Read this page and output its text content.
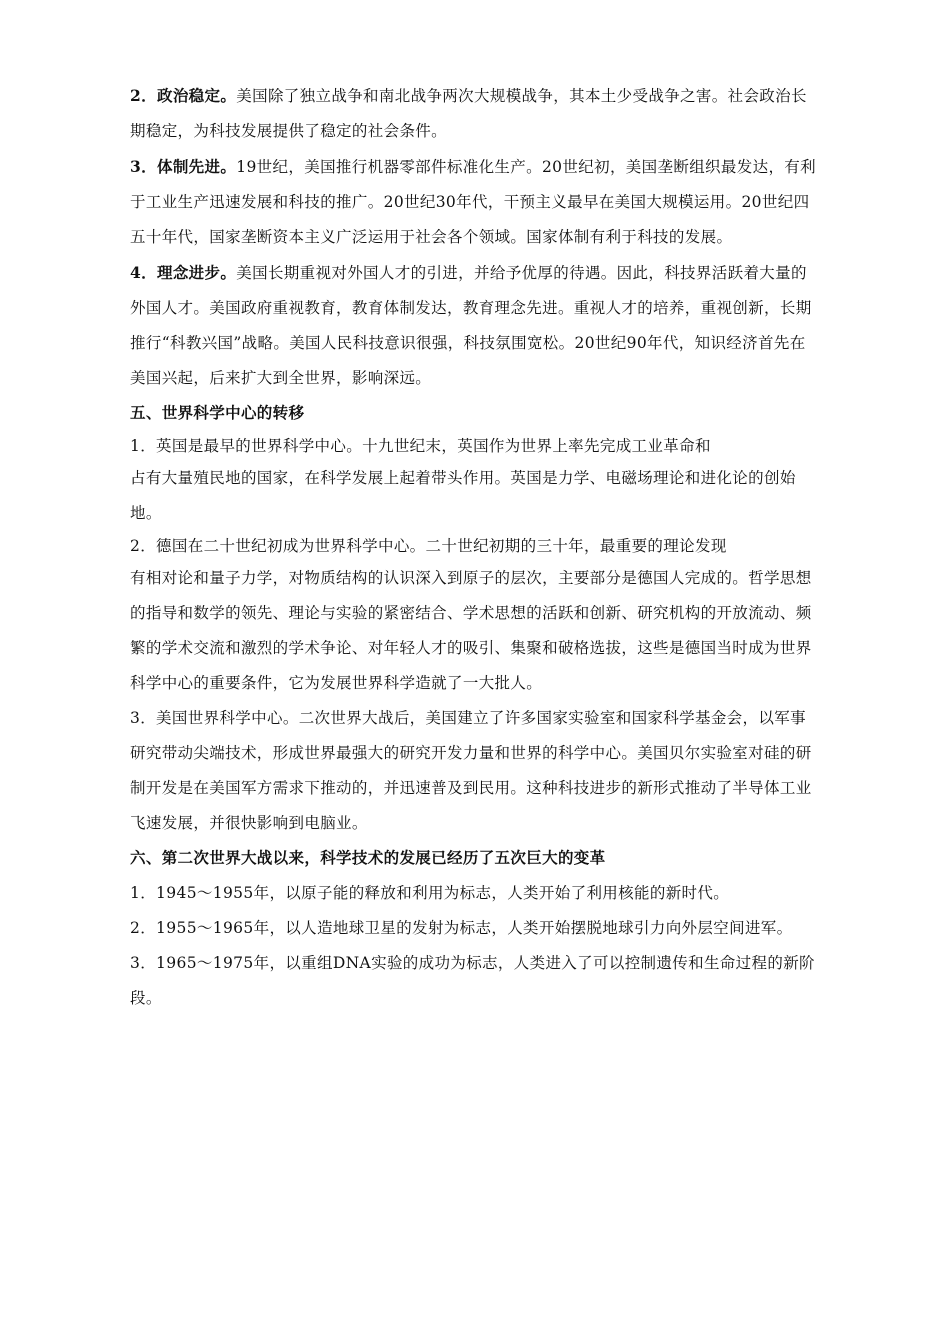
2．政治稳定。美国除了独立战争和南北战争两次大规模战争，其本土少受战争之害。社会政治长期稳定，为科技发展提供了稳定的社会条件。

3．体制先进。19世纪，美国推行机器零部件标准化生产。20世纪初，美国垄断组织最发达，有利于工业生产迅速发展和科技的推广。20世纪30年代，干预主义最早在美国大规模运用。20世纪四五十年代，国家垄断资本主义广泛运用于社会各个领域。国家体制有利于科技的发展。

4．理念进步。美国长期重视对外国人才的引进，并给予优厚的待遇。因此，科技界活跃着大量的外国人才。美国政府重视教育，教育体制发达，教育理念先进。重视人才的培养，重视创新，长期推行“科教兴国”战略。美国人民科技意识很强，科技氛围宽松。20世纪90年代，知识经济首先在美国兴起，后来扩大到全世界，影响深远。

五、世界科学中心的转移

1．英国是最早的世界科学中心。十九世纪末，英国作为世界上率先完成工业革命和
占有大量殖民地的国家，在科学发展上起着带头作用。英国是力学、电磁场理论和进化论的创始地。

2．德国在二十世纪初成为世界科学中心。二十世纪初期的三十年，最重要的理论发现
有相对论和量子力学，对物质结构的认识深入到原子的层次，主要部分是德国人完成的。哲学思想的指导和数学的领先、理论与实验的紧密结合、学术思想的活跃和创新、研究机构的开放流动、频繁的学术交流和激烈的学术争论、对年轻人才的吸引、集聚和破格选拔，这些是德国当时成为世界科学中心的重要条件，它为发展世界科学造就了一大批人。

3．美国世界科学中心。二次世界大战后，美国建立了许多国家实验室和国家科学基金会，以军事研究带动尖端技术，形成世界最强大的研究开发力量和世界的科学中心。美国贝尔实验室对硅的研制开发是在美国军方需求下推动的，并迅速普及到民用。这种科技进步的新形式推动了半导体工业飞速发展，并很快影响到电脑业。

六、第二次世界大战以来，科学技术的发展已经历了五次巨大的变革

1．1945～1955年，以原子能的释放和利用为标志，人类开始了利用核能的新时代。

2．1955～1965年，以人造地球卫星的发射为标志，人类开始摆脱地球引力向外层空间进军。

3．1965～1975年，以重组DNA实验的成功为标志，人类进入了可以控制遗传和生命过程的新阶段。
